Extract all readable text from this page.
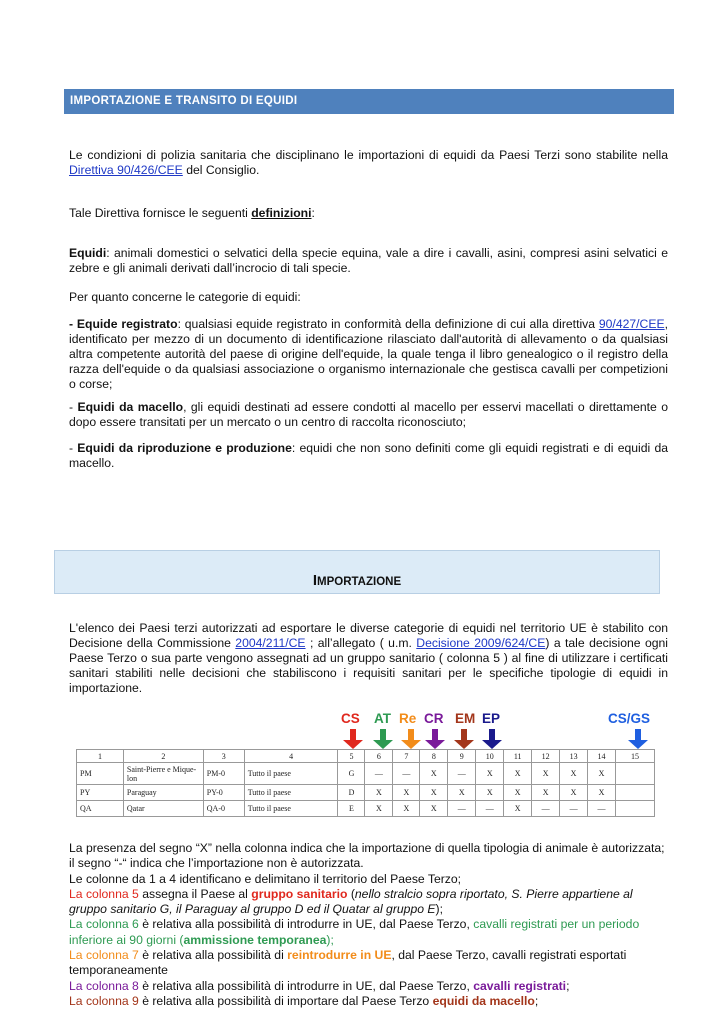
IMPORTAZIONE E TRANSITO DI EQUIDI
Le condizioni di polizia sanitaria che disciplinano le importazioni di equidi da Paesi Terzi sono stabilite nella Direttiva 90/426/CEE del Consiglio.
Tale Direttiva fornisce le seguenti definizioni:
Equidi: animali domestici o selvatici della specie equina, vale a dire i cavalli, asini, compresi asini selvatici e zebre e gli animali derivati dall’incrocio di tali specie.
Per quanto concerne le categorie di equidi:
- Equide registrato: qualsiasi equide registrato in conformità della definizione di cui alla direttiva 90/427/CEE, identificato per mezzo di un documento di identificazione rilasciato dall'autorità di allevamento o da qualsiasi altra competente autorità del paese di origine dell'equide, la quale tenga il libro genealogico o il registro della razza dell'equide o da qualsiasi associazione o organismo internazionale che gestisca cavalli per competizioni o corse;
- Equidi da macello, gli equidi destinati ad essere condotti al macello per esservi macellati o direttamente o dopo essere transitati per un mercato o un centro di raccolta riconosciuto;
- Equidi da riproduzione e produzione: equidi che non sono definiti come gli equidi registrati e di equidi da macello.
IMPORTAZIONE
L'elenco dei Paesi terzi autorizzati ad esportare le diverse categorie di equidi nel territorio UE è stabilito con Decisione della Commissione 2004/211/CE ; all’allegato ( u.m. Decisione 2009/624/CE) a tale decisione ogni Paese Terzo o sua parte vengono assegnati ad un gruppo sanitario ( colonna 5 ) al fine di utilizzare i certificati sanitari stabiliti nelle decisioni che stabiliscono i requisiti sanitari per le specifiche tipologie di equidi in importazione.
CS AT Re CR EM EP	CS/GS
1	2	3	4	5	6	7	8	9	10	11	12	13	14	15
PM	Saint-Pierre e Mique-lon	PM-0	Tutto il paese	G	—	—	X	—	X	X	X	X	X	
PY	Paraguay	PY-0	Tutto il paese	D	X	X	X	X	X	X	X	X	X	
QA	Qatar	QA-0	Tutto il paese	E	X	X	X	—	—	X	—	—	—	

La presenza del segno “X” nella colonna indica che la importazione di quella tipologia di animale è autorizzata; il segno “-“ indica che l’importazione non è autorizzata.

Le colonne da 1 a 4 identificano e delimitano il territorio del Paese Terzo;

La colonna 5 assegna il Paese al gruppo sanitario (nello stralcio sopra riportato, S. Pierre appartiene al gruppo sanitario G, il Paraguay al gruppo D ed il Quatar al gruppo E);

La colonna 6 è relativa alla possibilità di introdurre in UE, dal Paese Terzo, cavalli registrati per un periodo inferiore ai 90 giorni (ammissione temporanea);

La colonna 7 è relativa alla possibilità di reintrodurre in UE, dal Paese Terzo, cavalli registrati esportati temporaneamente

La colonna 8 è relativa alla possibilità di introdurre in UE, dal Paese Terzo, cavalli registrati;

La colonna 9 è relativa alla possibilità di importare dal Paese Terzo equidi da macello;
